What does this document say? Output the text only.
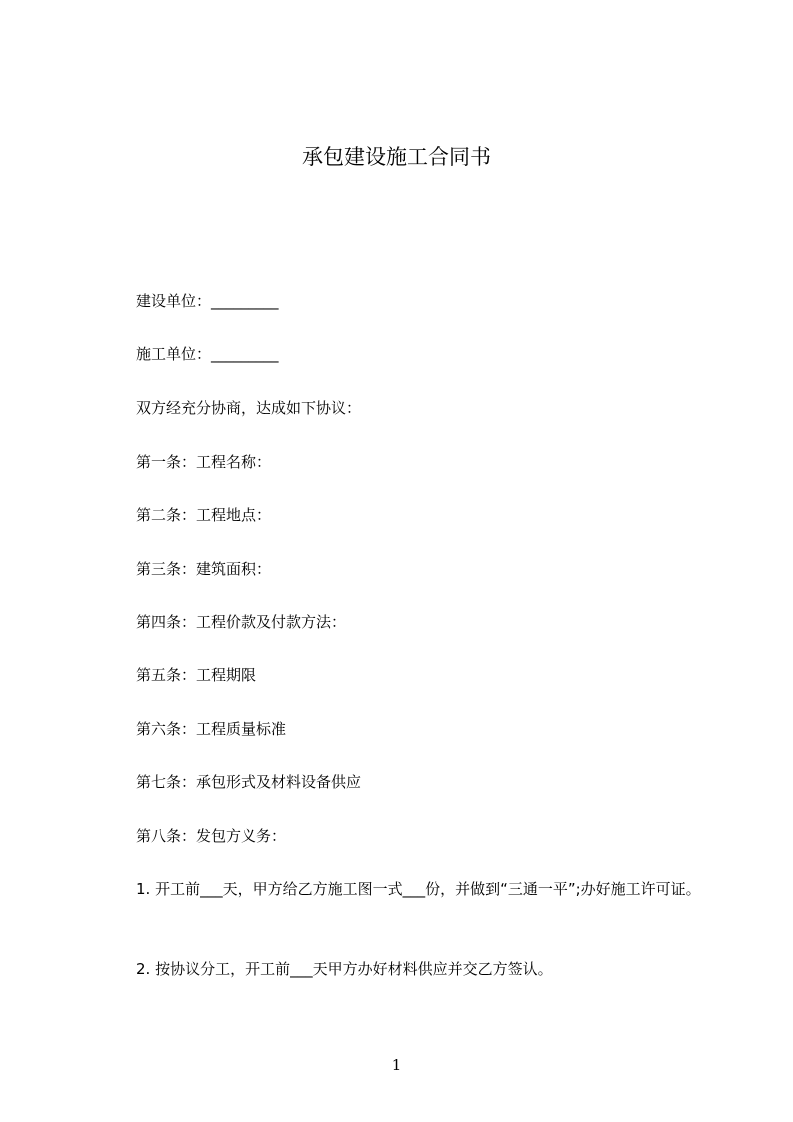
承包建设施工合同书
建设单位：_________
施工单位：_________
双方经充分协商，达成如下协议：
第一条：工程名称：
第二条：工程地点：
第三条：建筑面积：
第四条：工程价款及付款方法：
第五条：工程期限
第六条：工程质量标准
第七条：承包形式及材料设备供应
第八条：发包方义务：
1. 开工前___天，甲方给乙方施工图一式___份，并做到“三通一平”;办好施工许可证。
2. 按协议分工，开工前___天甲方办好材料供应并交乙方签认。
1
